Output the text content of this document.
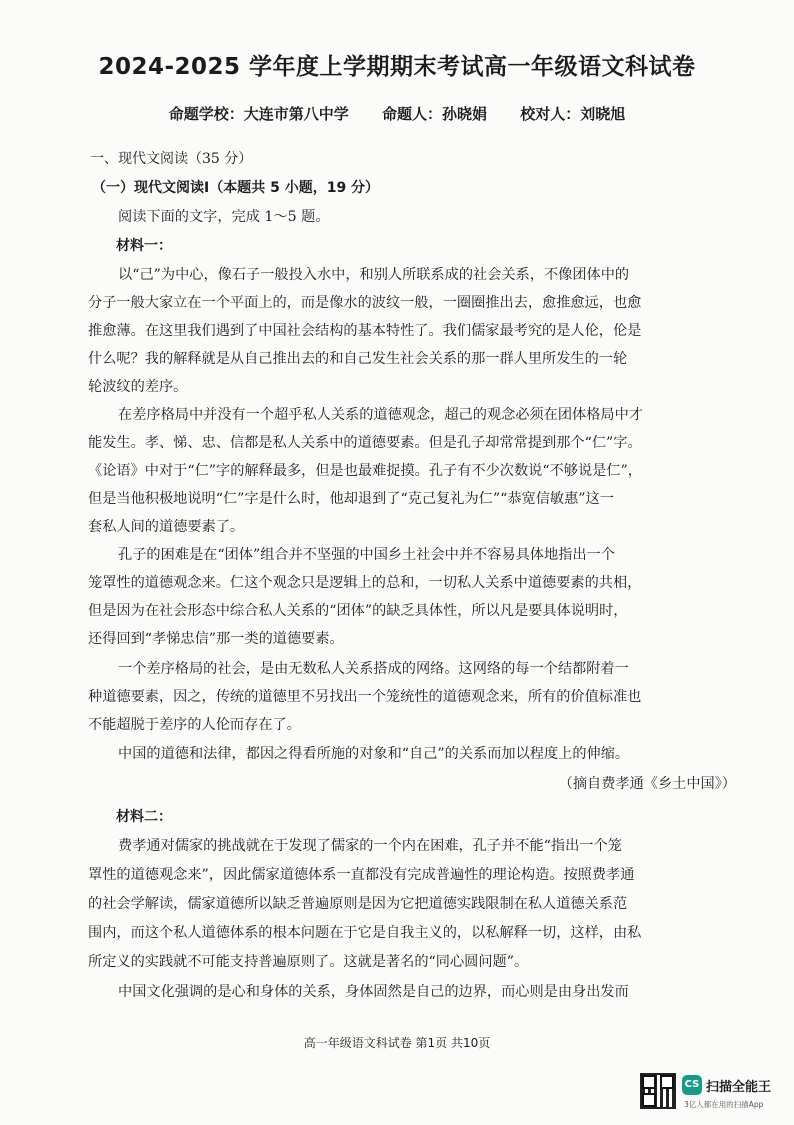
2024-2025 学年度上学期期末考试高一年级语文科试卷
命题学校：大连市第八中学 命题人：孙晓娟 校对人：刘晓旭
一、现代文阅读（35 分）
（一）现代文阅读Ⅰ（本题共 5 小题，19 分）
阅读下面的文字，完成 1～5 题。
材料一：
以“己”为中心，像石子一般投入水中，和别人所联系成的社会关系，不像团体中的
分子一般大家立在一个平面上的，而是像水的波纹一般，一圈圈推出去，愈推愈远，也愈
推愈薄。在这里我们遇到了中国社会结构的基本特性了。我们儒家最考究的是人伦，伦是
什么呢？我的解释就是从自己推出去的和自己发生社会关系的那一群人里所发生的一轮
轮波纹的差序。
在差序格局中并没有一个超乎私人关系的道德观念，超己的观念必须在团体格局中才
能发生。孝、悌、忠、信都是私人关系中的道德要素。但是孔子却常常提到那个“仁”字。
《论语》中对于“仁”字的解释最多，但是也最难捉摸。孔子有不少次数说“不够说是仁”，
但是当他积极地说明“仁”字是什么时，他却退到了“克己复礼为仁”“恭宽信敏惠”这一
套私人间的道德要素了。
孔子的困难是在“团体”组合并不坚强的中国乡土社会中并不容易具体地指出一个
笼罩性的道德观念来。仁这个观念只是逻辑上的总和，一切私人关系中道德要素的共相，
但是因为在社会形态中综合私人关系的“团体”的缺乏具体性，所以凡是要具体说明时，
还得回到“孝悌忠信”那一类的道德要素。
一个差序格局的社会，是由无数私人关系搭成的网络。这网络的每一个结都附着一
种道德要素，因之，传统的道德里不另找出一个笼统性的道德观念来，所有的价值标准也
不能超脱于差序的人伦而存在了。
中国的道德和法律，都因之得看所施的对象和“自己”的关系而加以程度上的伸缩。
（摘自费孝通《乡土中国》）
材料二：
费孝通对儒家的挑战就在于发现了儒家的一个内在困难，孔子并不能“指出一个笼
罩性的道德观念来”，因此儒家道德体系一直都没有完成普遍性的理论构造。按照费孝通
的社会学解读，儒家道德所以缺乏普遍原则是因为它把道德实践限制在私人道德关系范
围内，而这个私人道德体系的根本问题在于它是自我主义的，以私解释一切，这样，由私
所定义的实践就不可能支持普遍原则了。这就是著名的“同心圆问题”。
中国文化强调的是心和身体的关系，身体固然是自己的边界，而心则是由身出发而
高一年级语文科试卷 第1页 共10页
CS 扫描全能王
3亿人都在用的扫描App
